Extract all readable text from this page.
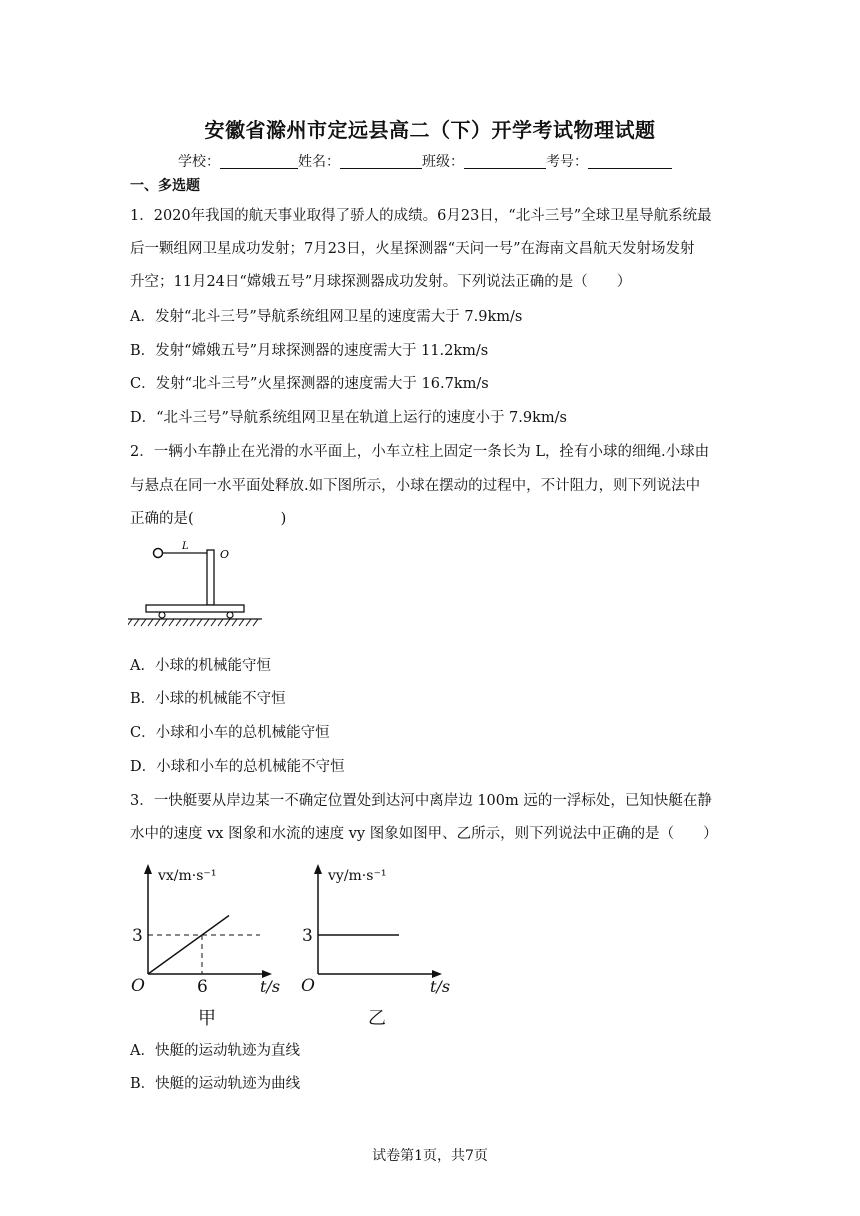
安徽省滁州市定远县高二（下）开学考试物理试题
学校：	姓名：	班级：	考号：
一、多选题
1．2020年我国的航天事业取得了骄人的成绩。6月23日，“北斗三号”全球卫星导航系统最
后一颗组网卫星成功发射；7月23日，火星探测器“天问一号”在海南文昌航天发射场发射
升空；11月24日“嫦娥五号”月球探测器成功发射。下列说法正确的是（　　）
A．发射“北斗三号”导航系统组网卫星的速度需大于 7.9km/s
B．发射“嫦娥五号”月球探测器的速度需大于 11.2km/s
C．发射“北斗三号”火星探测器的速度需大于 16.7km/s
D．“北斗三号”导航系统组网卫星在轨道上运行的速度小于 7.9km/s
2．一辆小车静止在光滑的水平面上，小车立柱上固定一条长为 L，拴有小球的细绳.小球由
与悬点在同一水平面处释放.如下图所示，小球在摆动的过程中，不计阻力，则下列说法中
正确的是(　　　　　　)
L
O
A．小球的机械能守恒
B．小球的机械能不守恒
C．小球和小车的总机械能守恒
D．小球和小车的总机械能不守恒
3．一快艇要从岸边某一不确定位置处到达河中离岸边 100m 远的一浮标处，已知快艇在静
水中的速度 vx 图象和水流的速度 vy 图象如图甲、乙所示，则下列说法中正确的是（　　）
O	t/s
vx/m·s⁻¹
3
6
甲
O	t/s
vy/m·s⁻¹
3
乙
A．快艇的运动轨迹为直线
B．快艇的运动轨迹为曲线
试卷第1页，共7页
